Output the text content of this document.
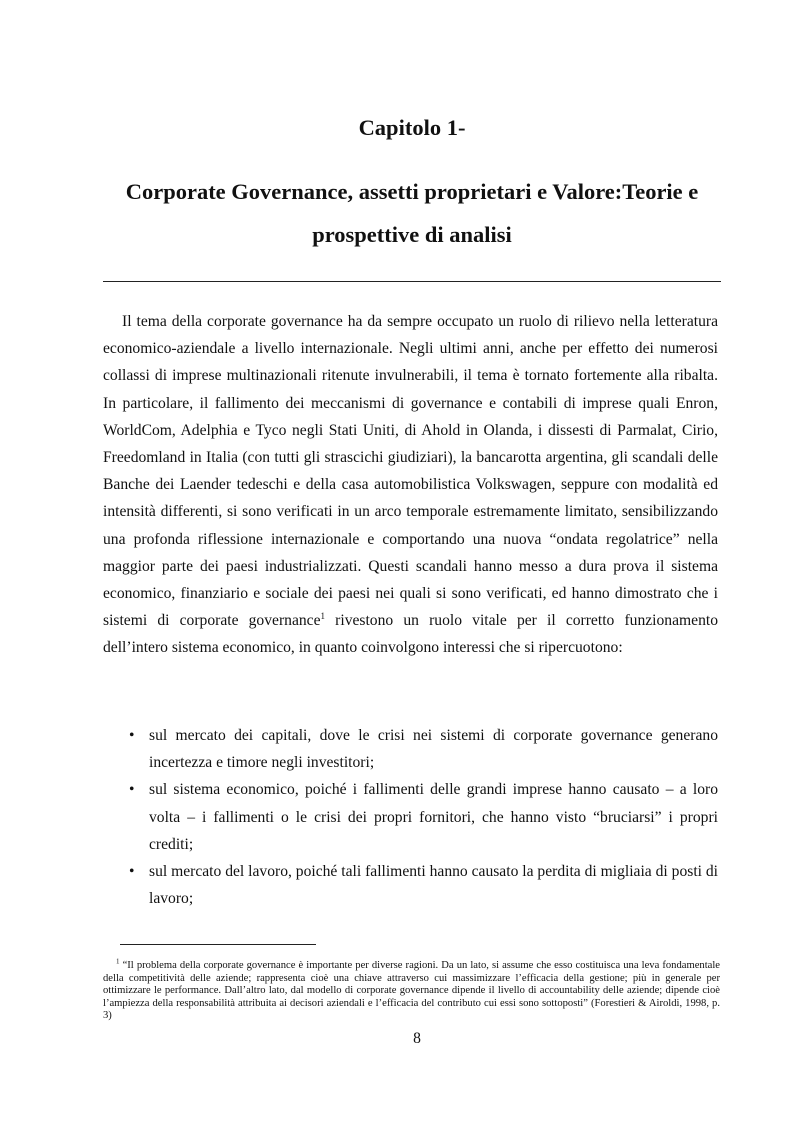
Capitolo 1-
Corporate Governance, assetti proprietari e Valore:Teorie e
prospettive di analisi

Il tema della corporate governance ha da sempre occupato un ruolo di rilievo nella letteratura economico-aziendale a livello internazionale. Negli ultimi anni, anche per effetto dei numerosi collassi di imprese multinazionali ritenute invulnerabili, il tema è tornato fortemente alla ribalta. In particolare, il fallimento dei meccanismi di governance e contabili di imprese quali Enron, WorldCom, Adelphia e Tyco negli Stati Uniti, di Ahold in Olanda, i dissesti di Parmalat, Cirio, Freedomland in Italia (con tutti gli strascichi giudiziari), la bancarotta argentina, gli scandali delle Banche dei Laender tedeschi e della casa automobilistica Volkswagen, seppure con modalità ed intensità differenti, si sono verificati in un arco temporale estremamente limitato, sensibilizzando una profonda riflessione internazionale e comportando una nuova “ondata regolatrice” nella maggior parte dei paesi industrializzati. Questi scandali hanno messo a dura prova il sistema economico, finanziario e sociale dei paesi nei quali si sono verificati, ed hanno dimostrato che i sistemi di corporate governance$^1$ rivestono un ruolo vitale per il corretto funzionamento dell’intero sistema economico, in quanto coinvolgono interessi che si ripercuotono:

• sul mercato dei capitali, dove le crisi nei sistemi di corporate governance generano incertezza e timore negli investitori;
• sul sistema economico, poiché i fallimenti delle grandi imprese hanno causato – a loro volta – i fallimenti o le crisi dei propri fornitori, che hanno visto “bruciarsi” i propri crediti;
• sul mercato del lavoro, poiché tali fallimenti hanno causato la perdita di migliaia di posti di lavoro;

$^1$ “Il problema della corporate governance è importante per diverse ragioni. Da un lato, si assume che esso costituisca una leva fondamentale della competitività delle aziende; rappresenta cioè una chiave attraverso cui massimizzare l’efficacia della gestione; più in generale per ottimizzare le performance. Dall’altro lato, dal modello di corporate governance dipende il livello di accountability delle aziende; dipende cioè l’ampiezza della responsabilità attribuita ai decisori aziendali e l’efficacia del contributo cui essi sono sottoposti” (Forestieri & Airoldi, 1998, p. 3)

8
